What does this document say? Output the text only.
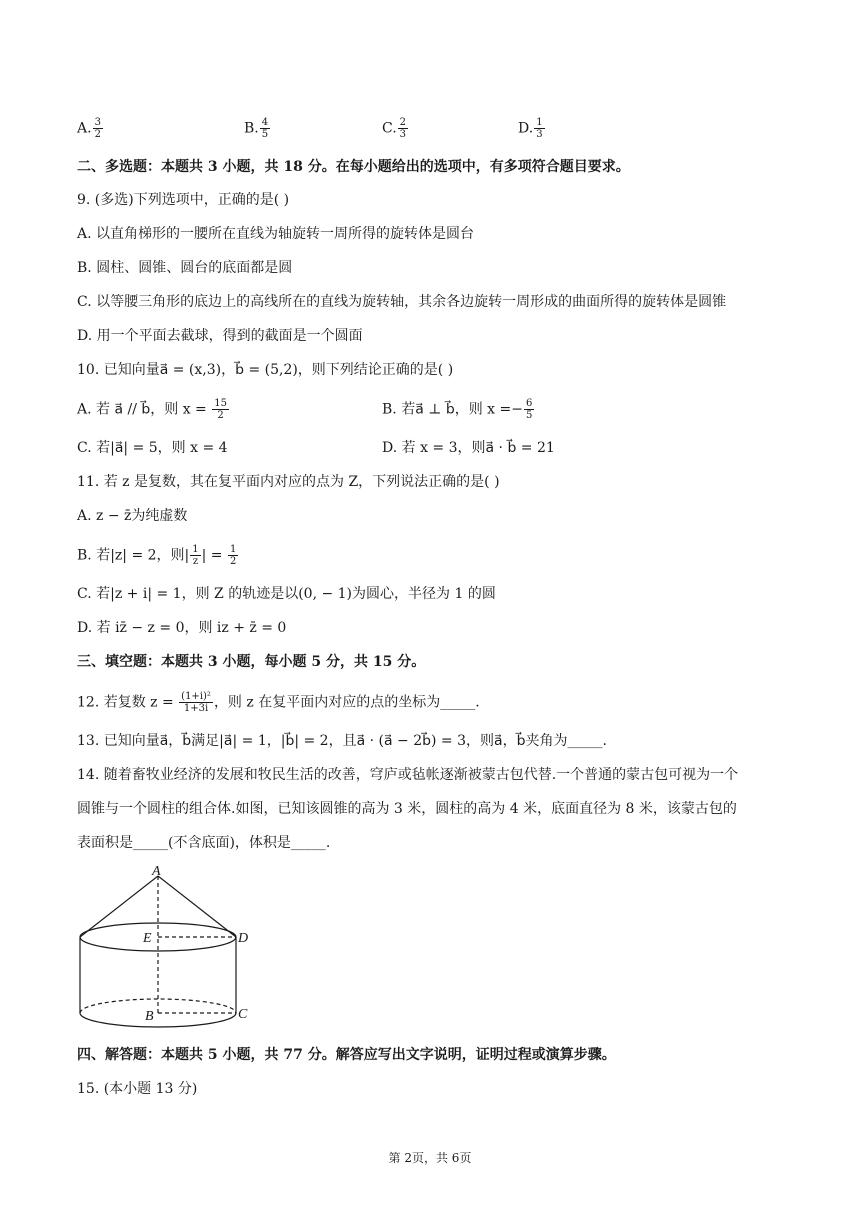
A. $\frac{3}{2}$	B. $\frac{4}{5}$	C. $\frac{2}{3}$	D. $\frac{1}{3}$
二、多选题：本题共 3 小题，共 18 分。在每小题给出的选项中，有多项符合题目要求。
9. (多选)下列选项中，正确的是( )
A. 以直角梯形的一腰所在直线为轴旋转一周所得的旋转体是圆台
B. 圆柱、圆锥、圆台的底面都是圆
C. 以等腰三角形的底边上的高线所在的直线为旋转轴，其余各边旋转一周形成的曲面所得的旋转体是圆锥
D. 用一个平面去截球，得到的截面是一个圆面
10. 已知向量a⃗ = (x,3)，b⃗ = (5,2)，则下列结论正确的是( )
A. 若 a⃗ // b⃗，则 $x = \frac{15}{2}$	B. 若a⃗ ⊥ b⃗，则 $x =- \frac{6}{5}$
C. 若|a⃗| = 5，则 x = 4	D. 若 x = 3，则a⃗ · b⃗ = 21
11. 若 z 是复数，其在复平面内对应的点为 Z，下列说法正确的是( )
A. z − z̄为纯虚数
B. 若|z| = 2，则| $\frac{1}{z}$ | = $\frac{1}{2}$
C. 若|z + i| = 1，则 Z 的轨迹是以(0, − 1)为圆心，半径为 1 的圆
D. 若 iz̄ − z = 0，则 iz + z̄ = 0
三、填空题：本题共 3 小题，每小题 5 分，共 15 分。
12. 若复数 $z = \frac{\text{(1+i)²}}{1+3i}$ ，则 z 在复平面内对应的点的坐标为_____.
13. 已知向量a⃗，b⃗满足|a⃗| = 1，|b⃗| = 2，且a⃗ · (a⃗ − 2b⃗) = 3，则a⃗，b⃗夹角为_____.
14. 随着畜牧业经济的发展和牧民生活的改善，穹庐或毡帐逐渐被蒙古包代替.一个普通的蒙古包可视为一个
圆锥与一个圆柱的组合体.如图，已知该圆锥的高为 3 米，圆柱的高为 4 米，底面直径为 8 米，该蒙古包的
表面积是_____(不含底面)，体积是_____.
A
E	D
B	C
四、解答题：本题共 5 小题，共 77 分。解答应写出文字说明，证明过程或演算步骤。
15. (本小题 13 分)
第 2页，共 6页
